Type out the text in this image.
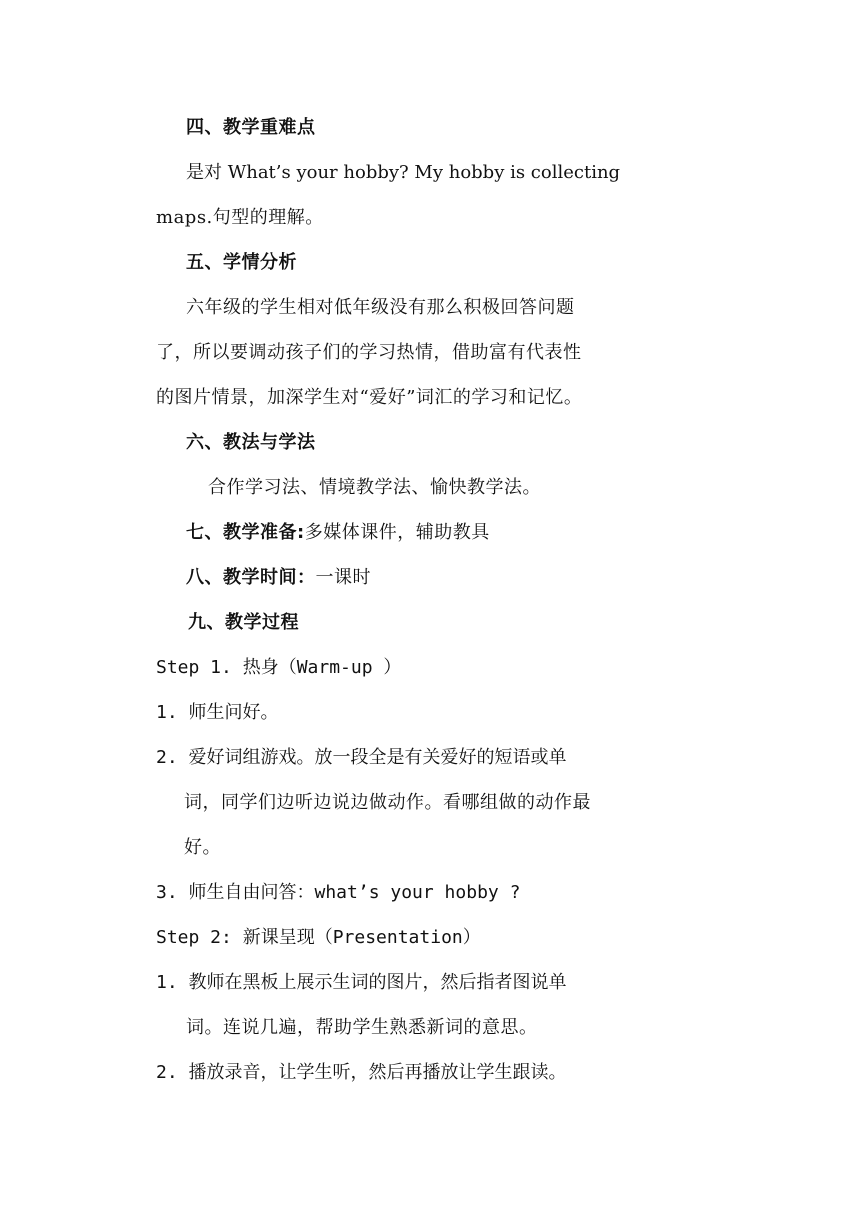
四、教学重难点
是对 What’s your hobby? My hobby is collecting
maps.句型的理解。
五、学情分析
六年级的学生相对低年级没有那么积极回答问题
了，所以要调动孩子们的学习热情，借助富有代表性
的图片情景，加深学生对“爱好”词汇的学习和记忆。
六、教法与学法
合作学习法、情境教学法、愉快教学法。
七、教学准备:多媒体课件，辅助教具
八、教学时间：一课时
九、教学过程
Step 1. 热身（Warm-up ）
1. 师生问好。
2. 爱好词组游戏。放一段全是有关爱好的短语或单
词，同学们边听边说边做动作。看哪组做的动作最
好。
3. 师生自由问答：what’s your hobby ?
Step 2: 新课呈现（Presentation）
1. 教师在黑板上展示生词的图片，然后指者图说单
词。连说几遍，帮助学生熟悉新词的意思。
2. 播放录音，让学生听，然后再播放让学生跟读。
